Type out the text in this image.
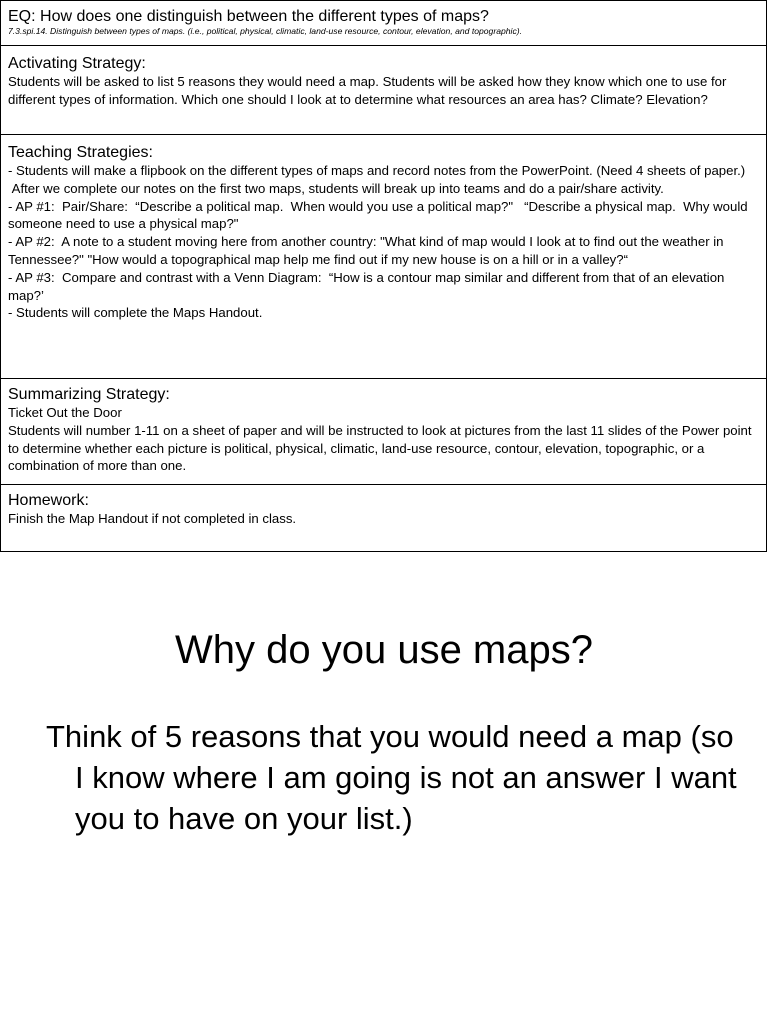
EQ: How does one distinguish between the different types of maps?
7.3.spi.14. Distinguish between types of maps. (i.e., political, physical, climatic, land-use resource, contour, elevation, and topographic).
Activating Strategy:
Students will be asked to list 5 reasons they would need a map. Students will be asked how they know which one to use for different types of information. Which one should I look at to determine what resources an area has? Climate? Elevation?
Teaching Strategies:
- Students will make a flipbook on the different types of maps and record notes from the PowerPoint. (Need 4 sheets of paper.)
After we complete our notes on the first two maps, students will break up into teams and do a pair/share activity.
- AP #1:  Pair/Share:  “Describe a political map.  When would you use a political map?"   “Describe a physical map.  Why would someone need to use a physical map?"
- AP #2:  A note to a student moving here from another country: "What kind of map would I look at to find out the weather in Tennessee?" "How would a topographical map help me find out if my new house is on a hill or in a valley?“
- AP #3:  Compare and contrast with a Venn Diagram:  “How is a contour map similar and different from that of an elevation map?’
- Students will complete the Maps Handout.
Summarizing Strategy:
Ticket Out the Door
Students will number 1-11 on a sheet of paper and will be instructed to look at pictures from the last 11 slides of the Power point to determine whether each picture is political, physical, climatic, land-use resource, contour, elevation, topographic, or a combination of more than one.
Homework:
Finish the Map Handout if not completed in class.
Why do you use maps?

Think of 5 reasons that you would need a map (so I know where I am going is not an answer I want you to have on your list.)
